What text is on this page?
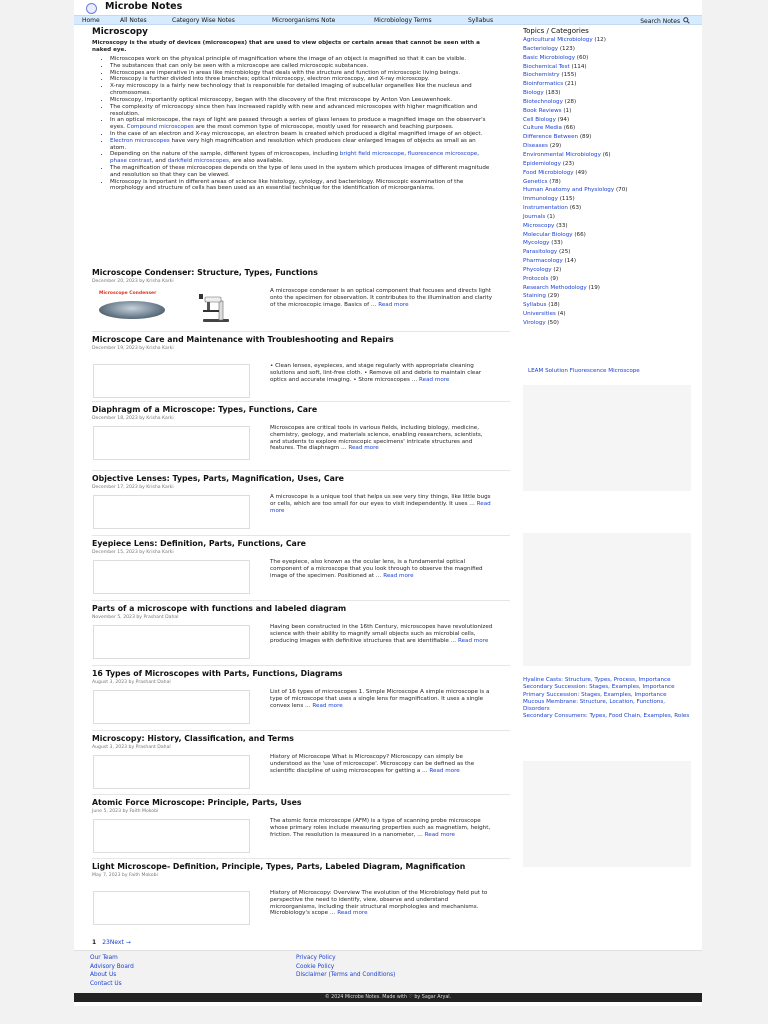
Microbe Notes
Home	All Notes	Category Wise Notes	Microorganisms Note	Microbiology Terms	Syllabus	Search Notes
Microscopy

Microscopy is the study of devices (microscopes) that are used to view objects or certain areas that cannot be seen with a naked eye.

• Microscopes work on the physical principle of magnification where the image of an object is magnified so that it can be visible.
• The substances that can only be seen with a microscope are called microscopic substances.
• Microscopes are imperative in areas like microbiology that deals with the structure and function of microscopic living beings.
• Microscopy is further divided into three branches; optical microscopy, electron microscopy, and X-ray microscopy.
• X-ray microscopy is a fairly new technology that is responsible for detailed imaging of subcellular organelles like the nucleus and chromosomes.
• Microscopy, importantly optical microscopy, began with the discovery of the first microscope by Anton Von Leeuwenhoek.
• The complexity of microscopy since then has increased rapidly with new and advanced microscopes with higher magnification and resolution.
• In an optical microscope, the rays of light are passed through a series of glass lenses to produce a magnified image on the observer's eyes. Compound microscopes are the most common type of microscope, mostly used for research and teaching purposes.
• In the case of an electron and X-ray microscope, an electron beam is created which produced a digital magnified image of an object.
• Electron microscopes have very high magnification and resolution which produces clear enlarged images of objects as small as an atom.
• Depending on the nature of the sample, different types of microscopes, including bright field microscope, fluorescence microscope, phase contrast, and darkfield microscopes, are also available.
• The magnification of these microscopes depends on the type of lens used in the system which produces images of different magnitude and resolution so that they can be viewed.
• Microscopy is important in different areas of science like histology, cytology, and bacteriology. Microscopic examination of the morphology and structure of cells has been used as an essential technique for the identification of microorganisms.
Microscope Condenser: Structure, Types, Functions
December 20, 2023 by Krisha Karki
Microscope Condenser	A microscope condenser is an optical component that focuses and directs light onto the specimen for observation. It contributes to the illumination and clarity of the microscopic image. Basics of … Read more
Microscope Care and Maintenance with Troubleshooting and Repairs
December 19, 2023 by Krisha Karki
• Clean lenses, eyepieces, and stage regularly with appropriate cleaning solutions and soft, lint-free cloth. • Remove oil and debris to maintain clear optics and accurate imaging. • Store microscopes … Read more
Diaphragm of a Microscope: Types, Functions, Care
December 18, 2023 by Krisha Karki
Microscopes are critical tools in various fields, including biology, medicine, chemistry, geology, and materials science, enabling researchers, scientists, and students to explore microscopic specimens' intricate structures and features. The diaphragm … Read more
Objective Lenses: Types, Parts, Magnification, Uses, Care
December 17, 2023 by Krisha Karki
A microscope is a unique tool that helps us see very tiny things, like little bugs or cells, which are too small for our eyes to visit independently. It uses … Read more
Eyepiece Lens: Definition, Parts, Functions, Care
December 15, 2023 by Krisha Karki
The eyepiece, also known as the ocular lens, is a fundamental optical component of a microscope that you look through to observe the magnified image of the specimen. Positioned at … Read more
Parts of a microscope with functions and labeled diagram
November 5, 2023 by Prashant Dahal
Having been constructed in the 16th Century, microscopes have revolutionized science with their ability to magnify small objects such as microbial cells, producing images with definitive structures that are identifiable … Read more
16 Types of Microscopes with Parts, Functions, Diagrams
August 3, 2023 by Prashant Dahal
List of 16 types of microscopes 1. Simple Microscope A simple microscope is a type of microscope that uses a single lens for magnification. It uses a single convex lens … Read more
Microscopy: History, Classification, and Terms
August 3, 2023 by Prashant Dahal
History of Microscope What is Microscopy? Microscopy can simply be understood as the 'use of microscope'. Microscopy can be defined as the scientific discipline of using microscopes for getting a … Read more
Atomic Force Microscope: Principle, Parts, Uses
June 5, 2023 by Faith Mokobi
The atomic force microscope (AFM) is a type of scanning probe microscope whose primary roles include measuring properties such as magnetism, height, friction. The resolution is measured in a nanometer, … Read more
Light Microscope- Definition, Principle, Types, Parts, Labeled Diagram, Magnification
May 7, 2023 by Faith Mokobi
History of Microscopy: Overview The evolution of the Microbiology field put to perspective the need to identify, view, observe and understand microorganisms, including their structural morphologies and mechanisms. Microbiology's scope … Read more
1 23Next →
Topics / Categories
Agricultural Microbiology (12)
Bacteriology (123)
Basic Microbiology (60)
Biochemical Test (114)
Biochemistry (155)
Bioinformatics (21)
Biology (183)
Biotechnology (28)
Book Reviews (1)
Cell Biology (94)
Culture Media (66)
Difference Between (89)
Diseases (29)
Environmental Microbiology (6)
Epidemiology (23)
Food Microbiology (49)
Genetics (78)
Human Anatomy and Physiology (70)
Immunology (115)
Instrumentation (63)
Journals (1)
Microscopy (33)
Molecular Biology (66)
Mycology (33)
Parasitology (25)
Pharmacology (14)
Phycology (2)
Protocols (9)
Research Methodology (19)
Staining (29)
Syllabus (18)
Universities (4)
Virology (50)
LEAM Solution Fluorescence Microscope
Hyaline Casts: Structure, Types, Process, Importance
Secondary Succession: Stages, Examples, Importance
Primary Succession: Stages, Examples, Importance
Mucous Membrane: Structure, Location, Functions, Disorders
Secondary Consumers: Types, Food Chain, Examples, Roles
Our Team
Advisory Board
About Us
Contact Us
Privacy Policy
Cookie Policy
Disclaimer (Terms and Conditions)
© 2024 Microbe Notes. Made with ♡ by Sagar Aryal.
